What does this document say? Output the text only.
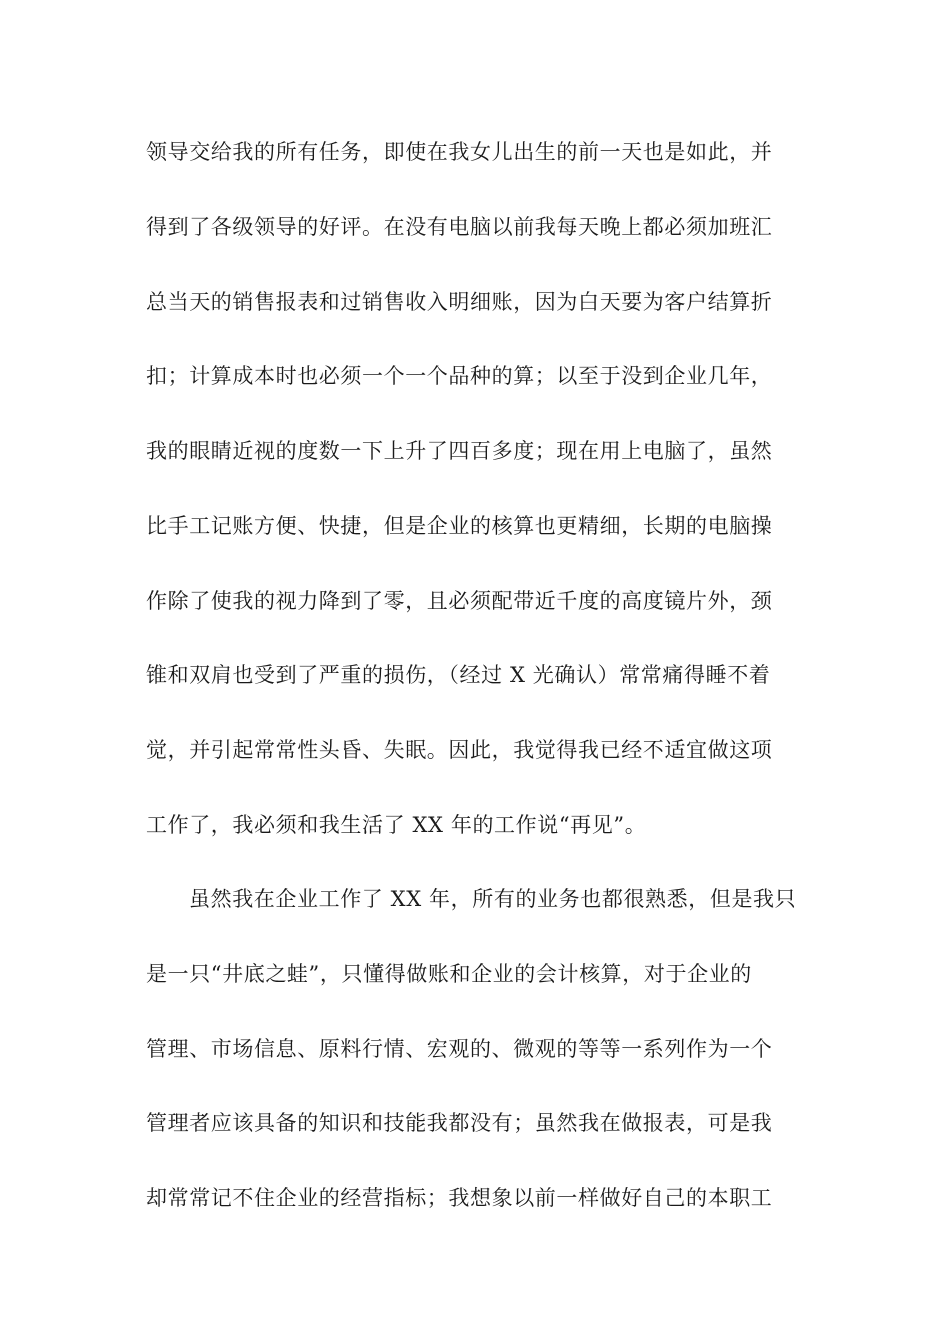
领导交给我的所有任务，即使在我女儿出生的前一天也是如此，并
得到了各级领导的好评。在没有电脑以前我每天晚上都必须加班汇
总当天的销售报表和过销售收入明细账，因为白天要为客户结算折
扣；计算成本时也必须一个一个品种的算；以至于没到企业几年，
我的眼睛近视的度数一下上升了四百多度；现在用上电脑了，虽然
比手工记账方便、快捷，但是企业的核算也更精细，长期的电脑操
作除了使我的视力降到了零，且必须配带近千度的高度镜片外，颈
锥和双肩也受到了严重的损伤，（经过 X 光确认）常常痛得睡不着
觉，并引起常常性头昏、失眠。因此，我觉得我已经不适宜做这项
工作了，我必须和我生活了 XX 年的工作说“再见”。
虽然我在企业工作了 XX 年，所有的业务也都很熟悉，但是我只
是一只“井底之蛙”，只懂得做账和企业的会计核算，对于企业的
管理、市场信息、原料行情、宏观的、微观的等等一系列作为一个
管理者应该具备的知识和技能我都没有；虽然我在做报表，可是我
却常常记不住企业的经营指标；我想象以前一样做好自己的本职工
